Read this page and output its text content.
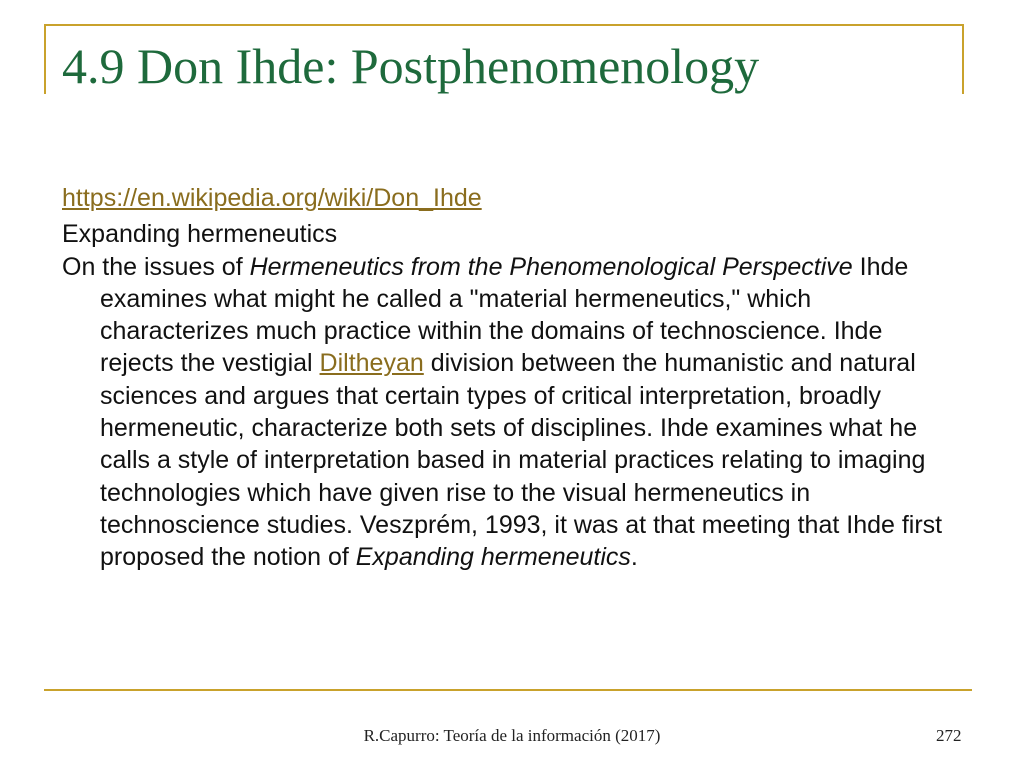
4.9 Don Ihde: Postphenomenology

https://en.wikipedia.org/wiki/Don_Ihde

Expanding hermeneutics

On the issues of Hermeneutics from the Phenomenological Perspective Ihde examines what might he called a "material hermeneutics," which characterizes much practice within the domains of technoscience. Ihde rejects the vestigial Diltheyan division between the humanistic and natural sciences and argues that certain types of critical interpretation, broadly hermeneutic, characterize both sets of disciplines. Ihde examines what he calls a style of interpretation based in material practices relating to imaging technologies which have given rise to the visual hermeneutics in technoscience studies. Veszprém, 1993, it was at that meeting that Ihde first proposed the notion of Expanding hermeneutics.

R.Capurro: Teoría de la información (2017)	272
